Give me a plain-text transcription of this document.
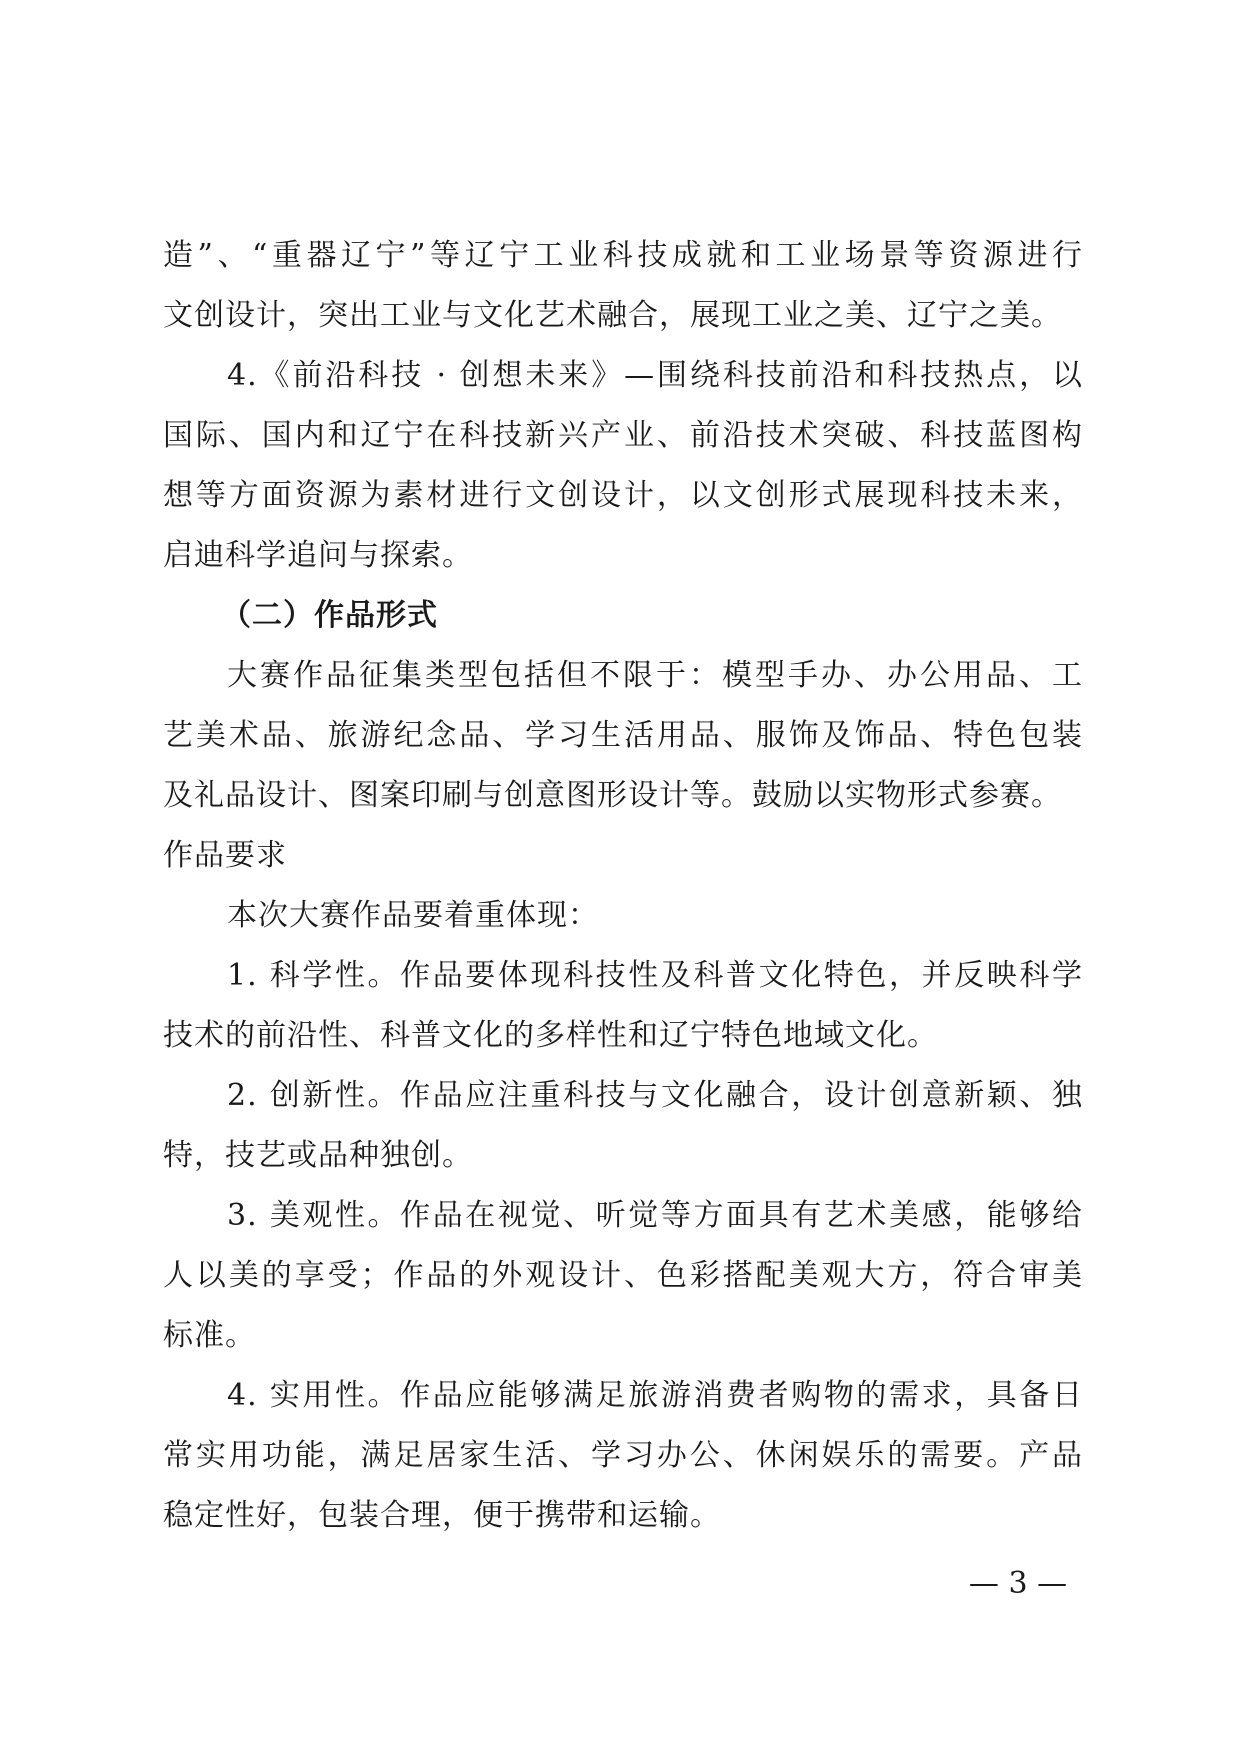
造”、“重器辽宁”等辽宁工业科技成就和工业场景等资源进行
文创设计，突出工业与文化艺术融合，展现工业之美、辽宁之美。
4.《前沿科技 · 创想未来》—围绕科技前沿和科技热点，以
国际、国内和辽宁在科技新兴产业、前沿技术突破、科技蓝图构
想等方面资源为素材进行文创设计，以文创形式展现科技未来，
启迪科学追问与探索。
（二）作品形式
大赛作品征集类型包括但不限于：模型手办、办公用品、工
艺美术品、旅游纪念品、学习生活用品、服饰及饰品、特色包装
及礼品设计、图案印刷与创意图形设计等。鼓励以实物形式参赛。
作品要求
本次大赛作品要着重体现：
1. 科学性。作品要体现科技性及科普文化特色，并反映科学
技术的前沿性、科普文化的多样性和辽宁特色地域文化。
2. 创新性。作品应注重科技与文化融合，设计创意新颖、独
特，技艺或品种独创。
3. 美观性。作品在视觉、听觉等方面具有艺术美感，能够给
人以美的享受；作品的外观设计、色彩搭配美观大方，符合审美
标准。
4. 实用性。作品应能够满足旅游消费者购物的需求，具备日
常实用功能，满足居家生活、学习办公、休闲娱乐的需要。产品
稳定性好，包装合理，便于携带和运输。
— 3 —
